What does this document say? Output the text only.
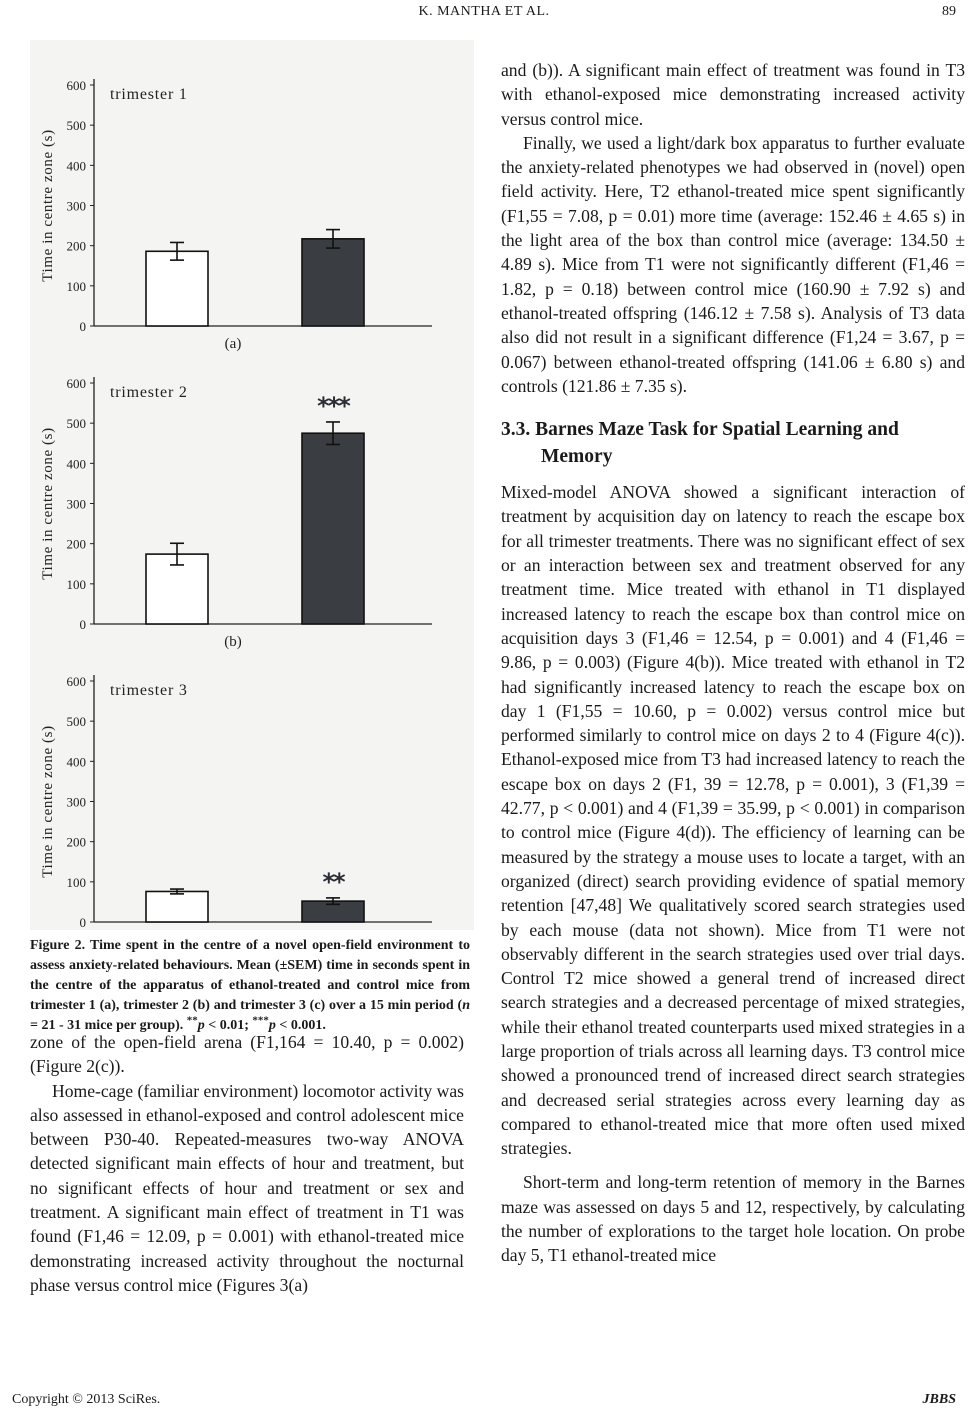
K. MANTHA ET AL.	89
0
100
200
300
400
500
600
Time in centre zone (s)
trimester 1
(a)
0
100
200
300
400
500
600
Time in centre zone (s)
trimester 2	***
(b)
0
100
200
300
400
500
600
Time in centre zone (s)
trimester 3
**
Figure 2. Time spent in the centre of a novel open-field environment to assess anxiety-related behaviours. Mean (±SEM) time in seconds spent in the centre of the apparatus of ethanol-treated and control mice from trimester 1 (a), trimester 2 (b) and trimester 3 (c) over a 15 min period (n = 21 - 31 mice per group). **p < 0.01; ***p < 0.001.

zone of the open-field arena (F1,164 = 10.40, p = 0.002) (Figure 2(c)).

Home-cage (familiar environment) locomotor activity was also assessed in ethanol-exposed and control adolescent mice between P30-40. Repeated-measures two-way ANOVA detected significant main effects of hour and treatment, but no significant effects of hour and treatment or sex and treatment. A significant main effect of treatment in T1 was found (F1,46 = 12.09, p = 0.001) with ethanol-treated mice demonstrating increased activity throughout the nocturnal phase versus control mice (Figures 3(a)

and (b)). A significant main effect of treatment was found in T3 with ethanol-exposed mice demonstrating increased activity versus control mice.

Finally, we used a light/dark box apparatus to further evaluate the anxiety-related phenotypes we had observed in (novel) open field activity. Here, T2 ethanol-treated mice spent significantly (F1,55 = 7.08, p = 0.01) more time (average: 152.46 ± 4.65 s) in the light area of the box than control mice (average: 134.50 ± 4.89 s). Mice from T1 were not significantly different (F1,46 = 1.82, p = 0.18) between control mice (160.90 ± 7.92 s) and ethanol-treated offspring (146.12 ± 7.58 s). Analysis of T3 data also did not result in a significant difference (F1,24 = 3.67, p = 0.067) between ethanol-treated offspring (141.06 ± 6.80 s) and controls (121.86 ± 7.35 s).

3.3. Barnes Maze Task for Spatial Learning and Memory

Mixed-model ANOVA showed a significant interaction of treatment by acquisition day on latency to reach the escape box for all trimester treatments. There was no significant effect of sex or an interaction between sex and treatment observed for any treatment time. Mice treated with ethanol in T1 displayed increased latency to reach the escape box than control mice on acquisition days 3 (F1,46 = 12.54, p = 0.001) and 4 (F1,46 = 9.86, p = 0.003) (Figure 4(b)). Mice treated with ethanol in T2 had significantly increased latency to reach the escape box on day 1 (F1,55 = 10.60, p = 0.002) versus control mice but performed similarly to control mice on days 2 to 4 (Figure 4(c)). Ethanol-exposed mice from T3 had increased latency to reach the escape box on days 2 (F1, 39 = 12.78, p = 0.001), 3 (F1,39 = 42.77, p < 0.001) and 4 (F1,39 = 35.99, p < 0.001) in comparison to control mice (Figure 4(d)). The efficiency of learning can be measured by the strategy a mouse uses to locate a target, with an organized (direct) search providing evidence of spatial memory retention [47,48] We qualitatively scored search strategies used by each mouse (data not shown). Mice from T1 were not observably different in the search strategies used over trial days. Control T2 mice showed a general trend of increased direct search strategies and a decreased percentage of mixed strategies, while their ethanol treated counterparts used mixed strategies in a large proportion of trials across all learning days. T3 control mice showed a pronounced trend of increased direct search strategies and decreased serial strategies across every learning day as compared to ethanol-treated mice that more often used mixed strategies.

Short-term and long-term retention of memory in the Barnes maze was assessed on days 5 and 12, respectively, by calculating the number of explorations to the target hole location. On probe day 5, T1 ethanol-treated mice

Copyright © 2013 SciRes.	JBBS
